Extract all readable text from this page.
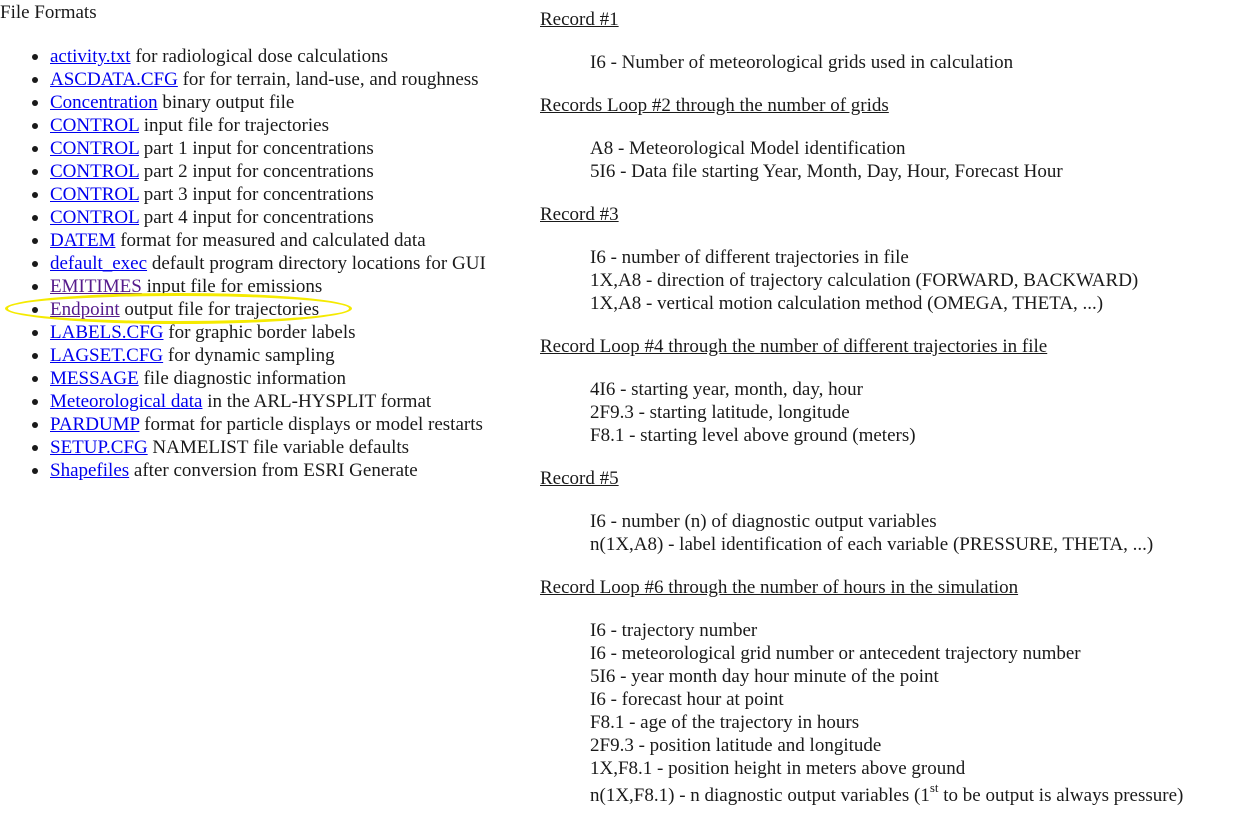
File Formats
activity.txt for radiological dose calculations
ASCDATA.CFG for for terrain, land-use, and roughness
Concentration binary output file
CONTROL input file for trajectories
CONTROL part 1 input for concentrations
CONTROL part 2 input for concentrations
CONTROL part 3 input for concentrations
CONTROL part 4 input for concentrations
DATEM format for measured and calculated data
default_exec default program directory locations for GUI
EMITIMES input file for emissions
Endpoint output file for trajectories
LABELS.CFG for graphic border labels
LAGSET.CFG for dynamic sampling
MESSAGE file diagnostic information
Meteorological data in the ARL-HYSPLIT format
PARDUMP format for particle displays or model restarts
SETUP.CFG NAMELIST file variable defaults
Shapefiles after conversion from ESRI Generate
Record #1
I6 - Number of meteorological grids used in calculation
Records Loop #2 through the number of grids
A8 - Meteorological Model identification
5I6 - Data file starting Year, Month, Day, Hour, Forecast Hour
Record #3
I6 - number of different trajectories in file
1X,A8 - direction of trajectory calculation (FORWARD, BACKWARD)
1X,A8 - vertical motion calculation method (OMEGA, THETA, ...)
Record Loop #4 through the number of different trajectories in file
4I6 - starting year, month, day, hour
2F9.3 - starting latitude, longitude
F8.1 - starting level above ground (meters)
Record #5
I6 - number (n) of diagnostic output variables
n(1X,A8) - label identification of each variable (PRESSURE, THETA, ...)
Record Loop #6 through the number of hours in the simulation
I6 - trajectory number
I6 - meteorological grid number or antecedent trajectory number
5I6 - year month day hour minute of the point
I6 - forecast hour at point
F8.1 - age of the trajectory in hours
2F9.3 - position latitude and longitude
1X,F8.1 - position height in meters above ground
n(1X,F8.1) - n diagnostic output variables (1st to be output is always pressure)
